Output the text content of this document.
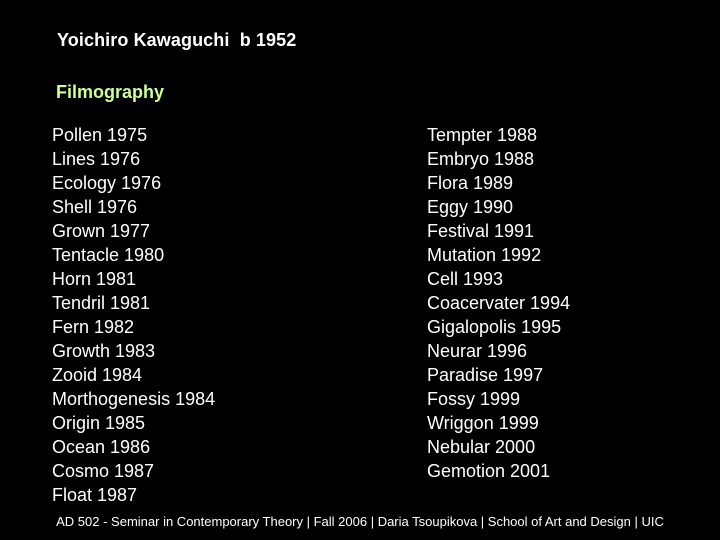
Yoichiro Kawaguchi  b 1952
Filmography
Pollen 1975
Lines 1976
Ecology 1976
Shell 1976
Grown 1977
Tentacle 1980
Horn 1981
Tendril 1981
Fern 1982
Growth 1983
Zooid 1984
Morthogenesis 1984
Origin 1985
Ocean 1986
Cosmo 1987
Float 1987
Tempter 1988
Embryo 1988
Flora 1989
Eggy 1990
Festival 1991
Mutation 1992
Cell 1993
Coacervater 1994
Gigalopolis 1995
Neurar 1996
Paradise 1997
Fossy 1999
Wriggon 1999
Nebular 2000
Gemotion 2001
AD 502 - Seminar in Contemporary Theory | Fall 2006 | Daria Tsoupikova | School of Art and Design | UIC
